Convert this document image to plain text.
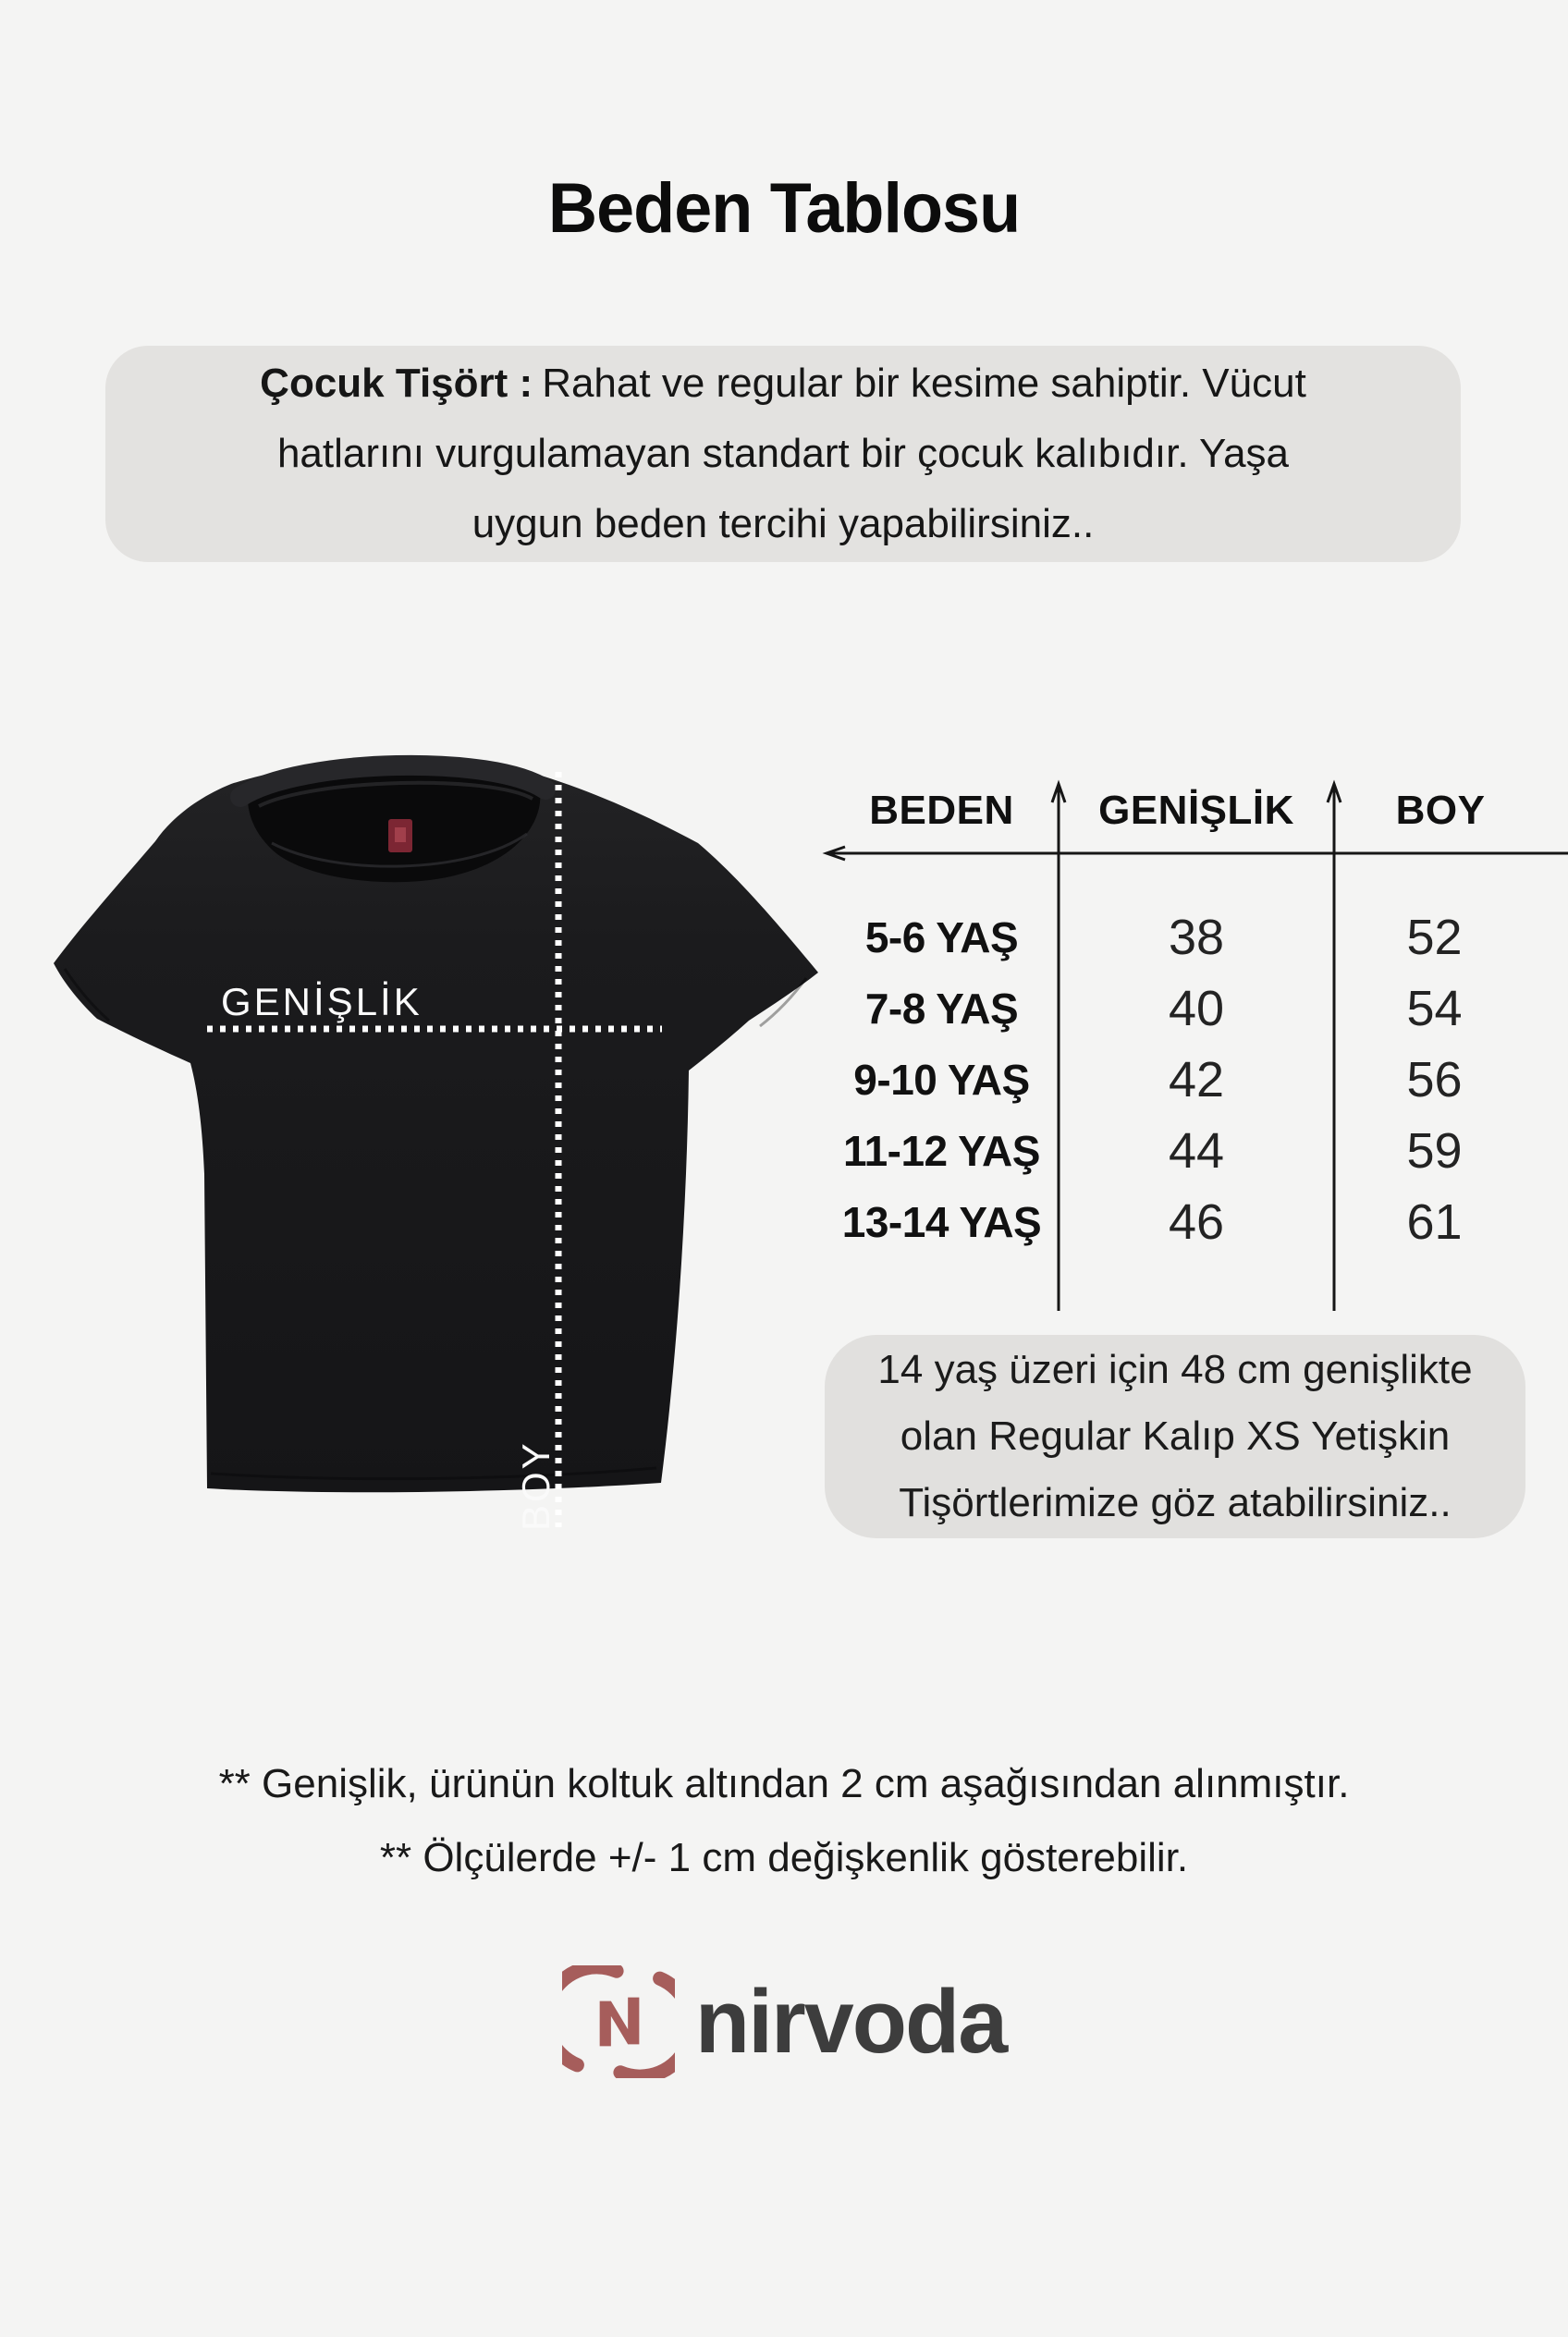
Beden Tablosu
Çocuk Tişört : Rahat ve regular bir kesime sahiptir. Vücut
hatlarını vurgulamayan standart bir çocuk kalıbıdır. Yaşa
uygun beden tercihi yapabilirsiniz..
GENİŞLİK
BOY
BEDEN	GENİŞLİK	BOY
5-6 YAŞ	38	52
7-8 YAŞ	40	54
9-10 YAŞ	42	56
11-12 YAŞ	44	59
13-14 YAŞ	46	61
14 yaş üzeri için 48 cm genişlikte
olan Regular Kalıp XS Yetişkin
Tişörtlerimize göz atabilirsiniz..
** Genişlik, ürünün koltuk altından 2 cm aşağısından alınmıştır.
** Ölçülerde +/- 1 cm değişkenlik gösterebilir.
nirvoda
